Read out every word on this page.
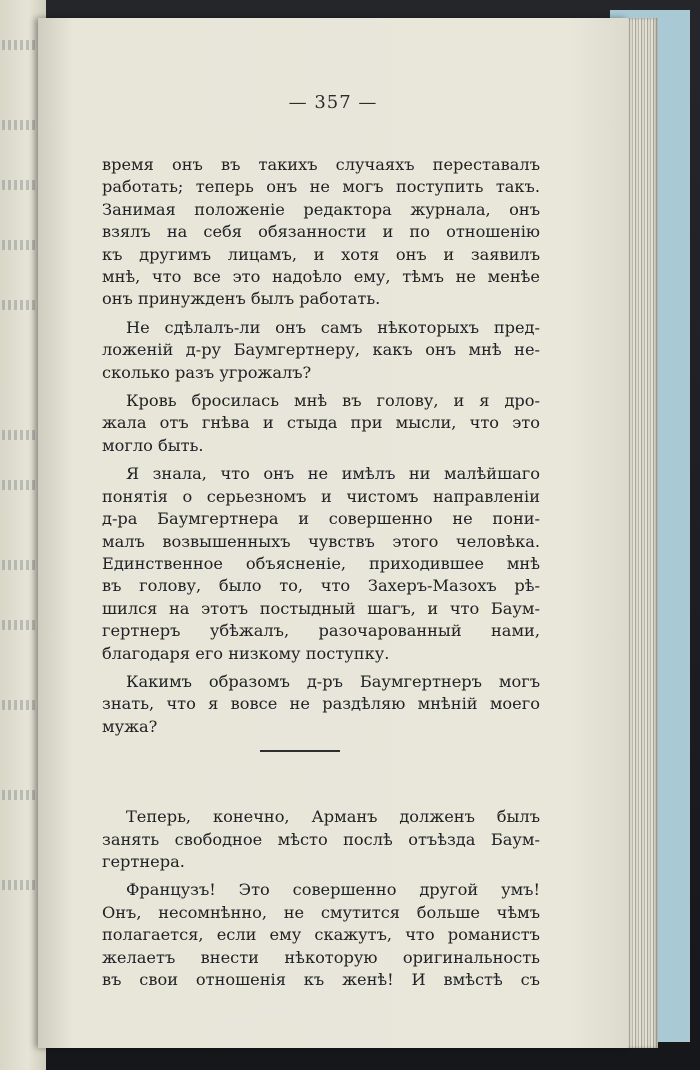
— 357 —
время онъ въ такихъ случаяхъ переставалъ
работать; теперь онъ не могъ поступить такъ.
Занимая положеніе редактора журнала, онъ
взялъ на себя обязанности и по отношенію
къ другимъ лицамъ, и хотя онъ и заявилъ
мнѣ, что все это надоѣло ему, тѣмъ не менѣе
онъ принужденъ былъ работать.
Не сдѣлалъ-ли онъ самъ нѣкоторыхъ пред-
ложеній д-ру Баумгертнеру, какъ онъ мнѣ не-
сколько разъ угрожалъ?
Кровь бросилась мнѣ въ голову, и я дро-
жала отъ гнѣва и стыда при мысли, что это
могло быть.
Я знала, что онъ не имѣлъ ни малѣйшаго
понятія о серьезномъ и чистомъ направленіи
д-ра Баумгертнера и совершенно не пони-
малъ возвышенныхъ чувствъ этого человѣка.
Единственное объясненіе, приходившее мнѣ
въ голову, было то, что Захеръ-Мазохъ рѣ-
шился на этотъ постыдный шагъ, и что Баум-
гертнеръ убѣжалъ, разочарованный нами,
благодаря его низкому поступку.
Какимъ образомъ д-ръ Баумгертнеръ могъ
знать, что я вовсе не раздѣляю мнѣній моего
мужа?
Теперь, конечно, Арманъ долженъ былъ
занять свободное мѣсто послѣ отъѣзда Баум-
гертнера.
Французъ! Это совершенно другой умъ!
Онъ, несомнѣнно, не смутится больше чѣмъ
полагается, если ему скажутъ, что романистъ
желаетъ внести нѣкоторую оригинальность
въ свои отношенія къ женѣ! И вмѣстѣ съ
